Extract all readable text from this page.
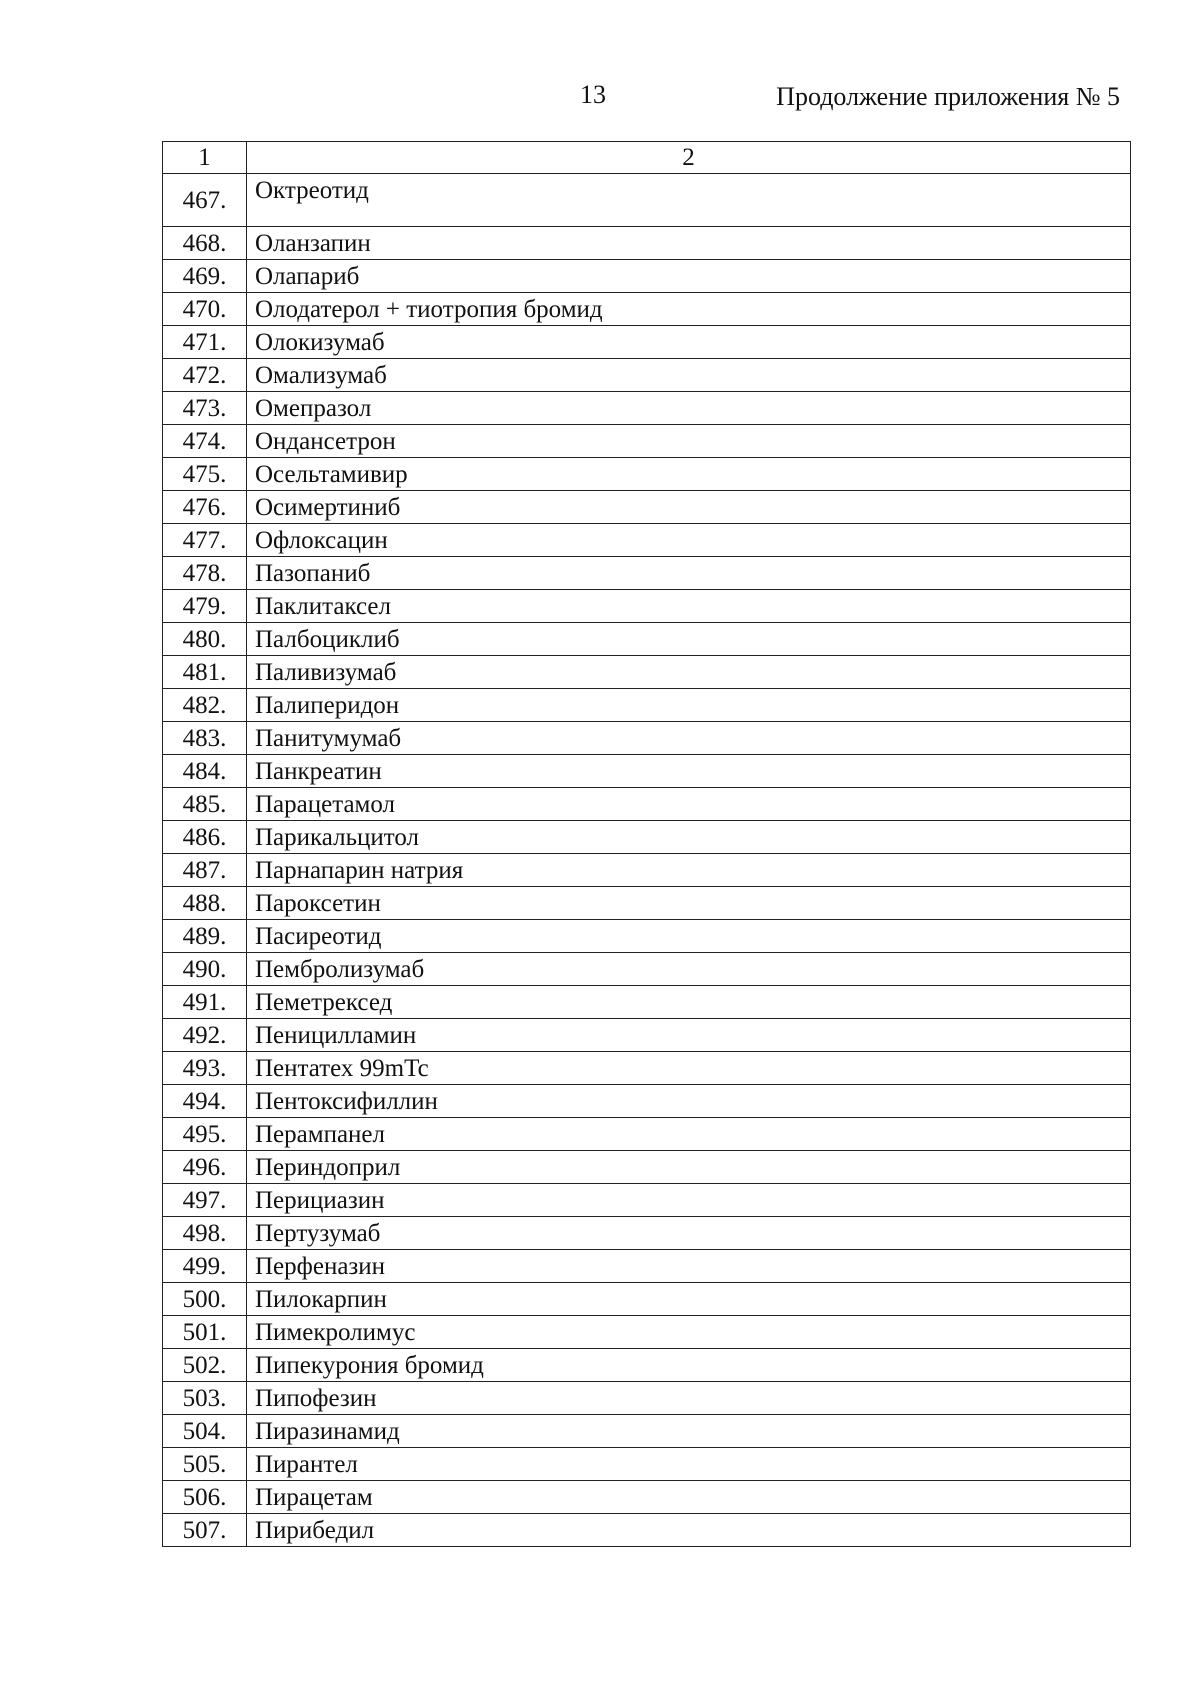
13	Продолжение приложения № 5
1	2
467.	Октреотид
468.	Оланзапин
469.	Олапариб
470.	Олодатерол + тиотропия бромид
471.	Олокизумаб
472.	Омализумаб
473.	Омепразол
474.	Ондансетрон
475.	Осельтамивир
476.	Осимертиниб
477.	Офлоксацин
478.	Пазопаниб
479.	Паклитаксел
480.	Палбоциклиб
481.	Паливизумаб
482.	Палиперидон
483.	Панитумумаб
484.	Панкреатин
485.	Парацетамол
486.	Парикальцитол
487.	Парнапарин натрия
488.	Пароксетин
489.	Пасиреотид
490.	Пембролизумаб
491.	Пеметрексед
492.	Пеницилламин
493.	Пентатех 99mTc
494.	Пентоксифиллин
495.	Перампанел
496.	Периндоприл
497.	Перициазин
498.	Пертузумаб
499.	Перфеназин
500.	Пилокарпин
501.	Пимекролимус
502.	Пипекурония бромид
503.	Пипофезин
504.	Пиразинамид
505.	Пирантел
506.	Пирацетам
507.	Пирибедил
